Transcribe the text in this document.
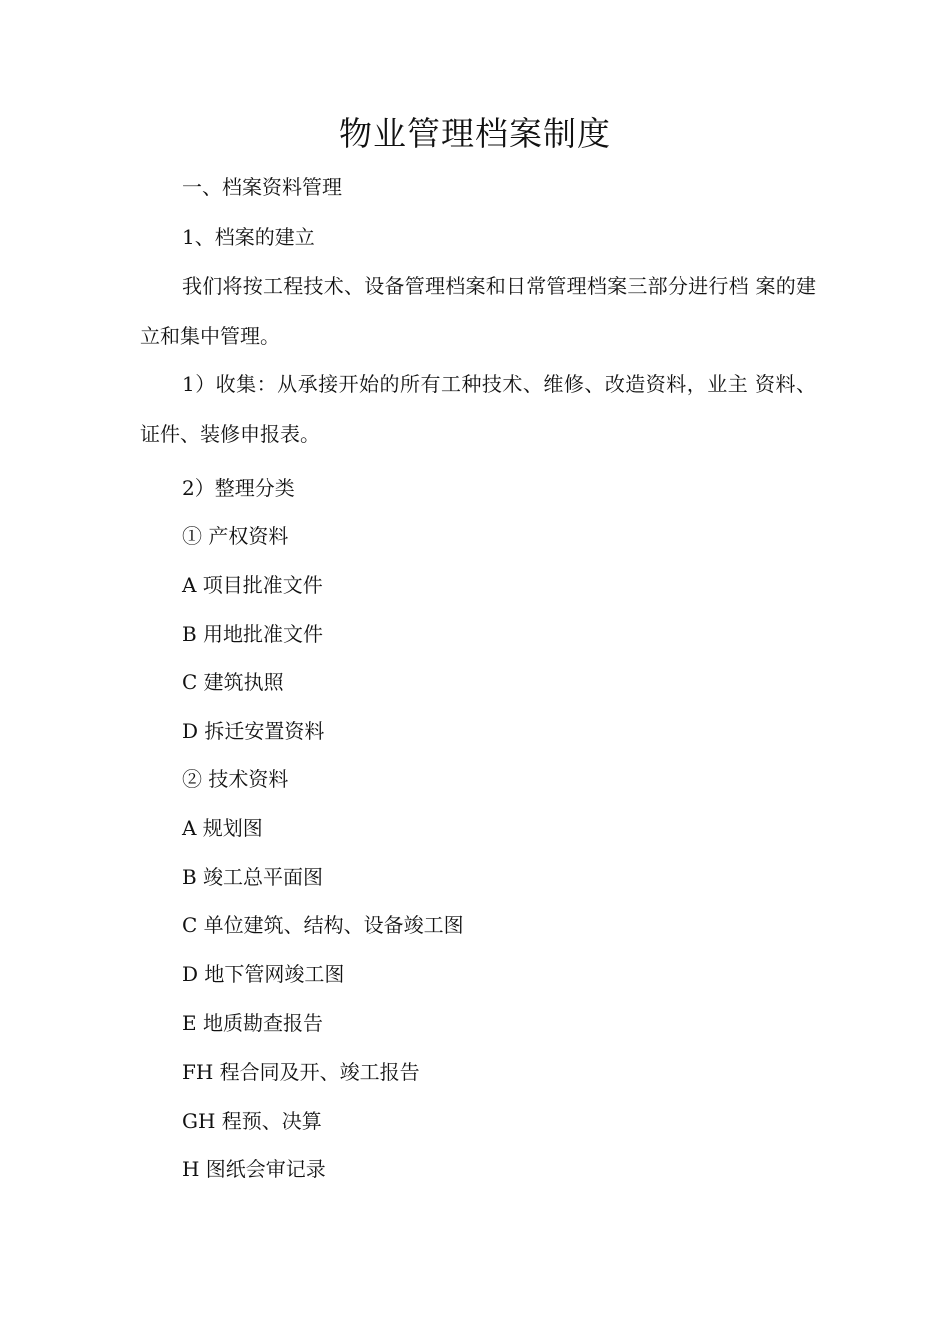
物业管理档案制度
一、档案资料管理
1、档案的建立
我们将按工程技术、设备管理档案和日常管理档案三部分进行档 案的建立和集中管理。
1）收集：从承接开始的所有工种技术、维修、改造资料，业主 资料、证件、装修申报表。
2）整理分类
① 产权资料
A 项目批准文件
B 用地批准文件
C 建筑执照
D 拆迁安置资料
② 技术资料
A 规划图
B 竣工总平面图
C 单位建筑、结构、设备竣工图
D 地下管网竣工图
E 地质勘查报告
FH 程合同及开、竣工报告
GH 程预、决算
H 图纸会审记录
